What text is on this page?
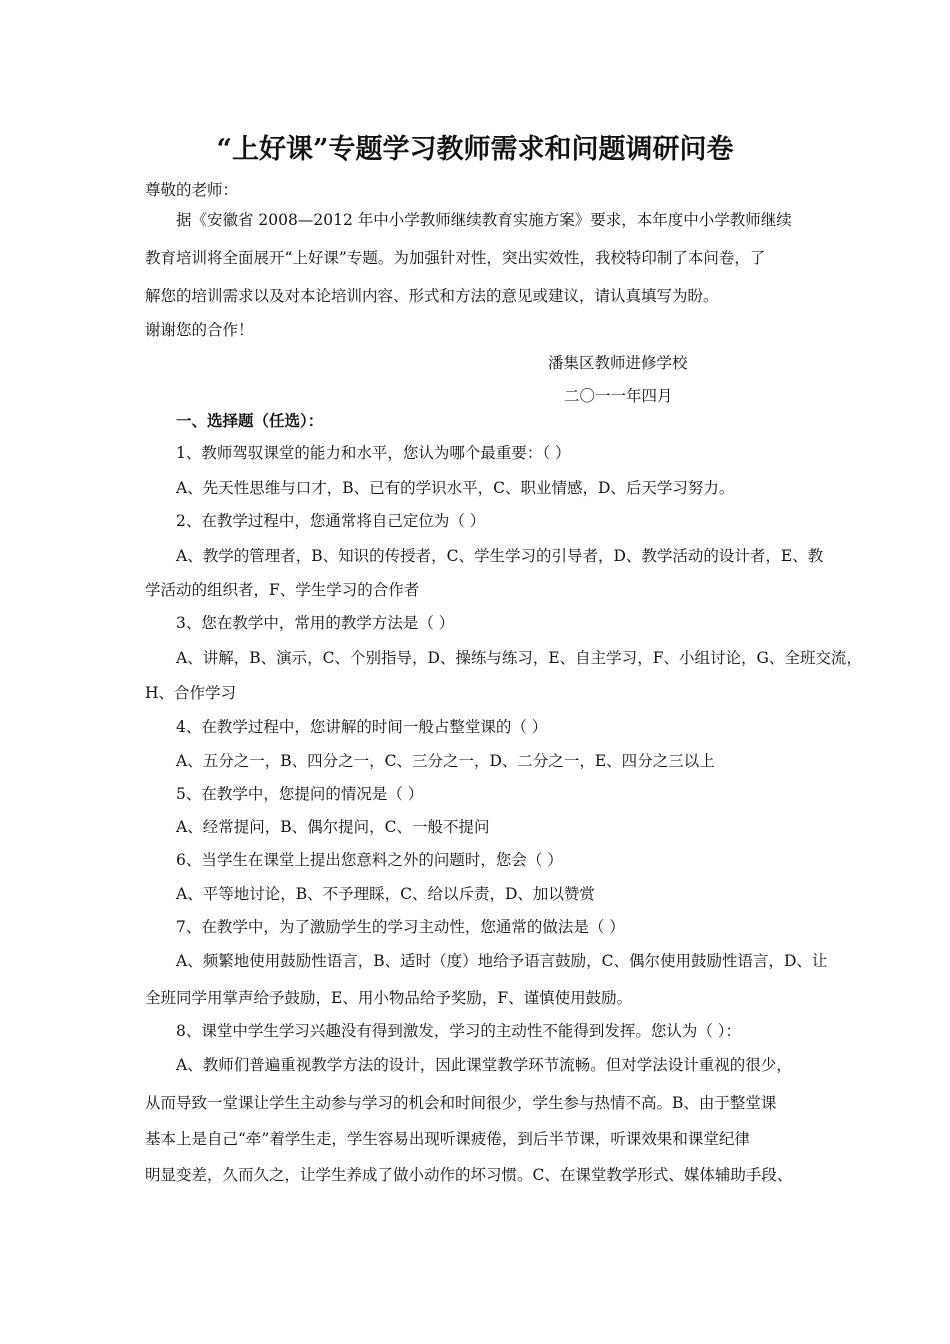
“上好课”专题学习教师需求和问题调研问卷
尊敬的老师：
据《安徽省 2008—2012 年中小学教师继续教育实施方案》要求，本年度中小学教师继续
教育培训将全面展开“上好课”专题。为加强针对性，突出实效性，我校特印制了本问卷，了
解您的培训需求以及对本论培训内容、形式和方法的意见或建议，请认真填写为盼。
谢谢您的合作！
潘集区教师进修学校
二〇一一年四月
一、选择题（任选）：
1、教师驾驭课堂的能力和水平，您认为哪个最重要：（ ）
A、先天性思维与口才，B、已有的学识水平，C、职业情感，D、后天学习努力。
2、在教学过程中，您通常将自己定位为（ ）
A、教学的管理者，B、知识的传授者，C、学生学习的引导者，D、教学活动的设计者，E、教
学活动的组织者，F、学生学习的合作者
3、您在教学中，常用的教学方法是（ ）
A、讲解，B、演示，C、个别指导，D、操练与练习，E、自主学习，F、小组讨论，G、全班交流，
H、合作学习
4、在教学过程中，您讲解的时间一般占整堂课的（ ）
A、五分之一，B、四分之一，C、三分之一，D、二分之一，E、四分之三以上
5、在教学中，您提问的情况是（ ）
A、经常提问，B、偶尔提问，C、一般不提问
6、当学生在课堂上提出您意料之外的问题时，您会（ ）
A、平等地讨论，B、不予理睬，C、给以斥责，D、加以赞赏
7、在教学中，为了激励学生的学习主动性，您通常的做法是（ ）
A、频繁地使用鼓励性语言，B、适时（度）地给予语言鼓励，C、偶尔使用鼓励性语言，D、让
全班同学用掌声给予鼓励，E、用小物品给予奖励，F、谨慎使用鼓励。
8、课堂中学生学习兴趣没有得到激发，学习的主动性不能得到发挥。您认为（ ）：
A、教师们普遍重视教学方法的设计，因此课堂教学环节流畅。但对学法设计重视的很少，
从而导致一堂课让学生主动参与学习的机会和时间很少，学生参与热情不高。B、由于整堂课
基本上是自己“牵”着学生走，学生容易出现听课疲倦，到后半节课，听课效果和课堂纪律
明显变差，久而久之，让学生养成了做小动作的坏习惯。C、在课堂教学形式、媒体辅助手段、
